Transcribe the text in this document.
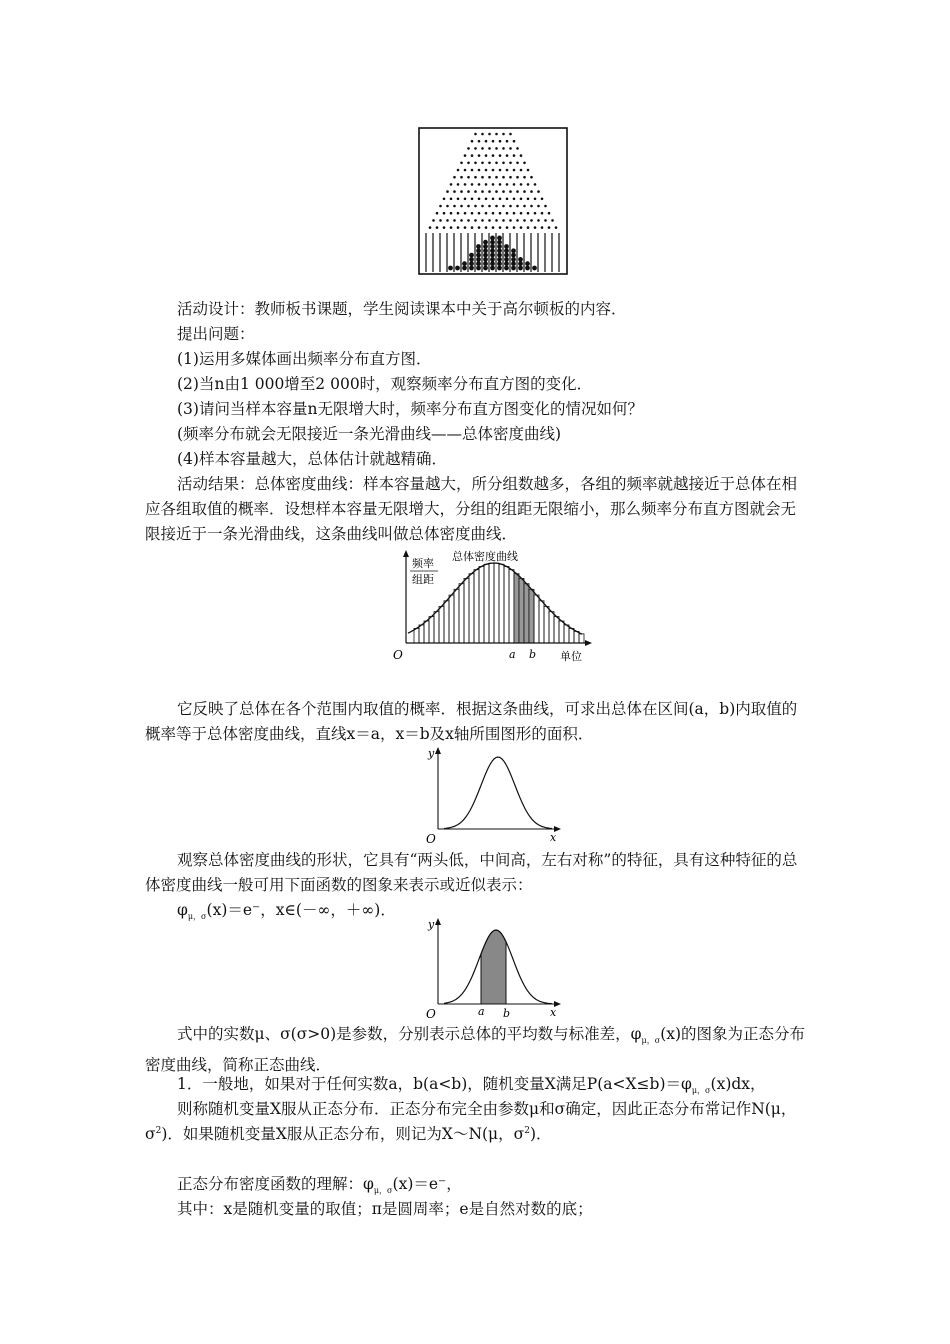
活动设计：教师板书课题，学生阅读课本中关于高尔顿板的内容．

提出问题：

(1)运用多媒体画出频率分布直方图．

(2)当n由1 000增至2 000时，观察频率分布直方图的变化．

(3)请问当样本容量n无限增大时，频率分布直方图变化的情况如何？

(频率分布就会无限接近一条光滑曲线——总体密度曲线)

(4)样本容量越大，总体估计就越精确．

活动结果：总体密度曲线：样本容量越大，所分组数越多，各组的频率就越接近于总体在相应各组取值的概率．设想样本容量无限增大，分组的组距无限缩小，那么频率分布直方图就会无限接近于一条光滑曲线，这条曲线叫做总体密度曲线．

总体密度曲线
频率
组距
O	a b 单位

它反映了总体在各个范围内取值的概率．根据这条曲线，可求出总体在区间(a，b)内取值的概率等于总体密度曲线，直线x＝a，x＝b及x轴所围图形的面积．

y
O	x

观察总体密度曲线的形状，它具有“两头低，中间高，左右对称”的特征，具有这种特征的总体密度曲线一般可用下面函数的图象来表示或近似表示：

$\varphi_{\mu,\sigma}(x)=e^-$，x∈(－∞，＋∞)．

y
O	a b	x

式中的实数μ、σ(σ>0)是参数，分别表示总体的平均数与标准差，$\varphi_{\mu,\sigma}(x)$的图象为正态分布密度曲线，简称正态曲线．

1．一般地，如果对于任何实数a，b(a<b)，随机变量X满足$P(a<X\le b)=\varphi_{\mu,\sigma}(x)dx$，

则称随机变量X服从正态分布．正态分布完全由参数μ和σ确定，因此正态分布常记作N(μ，$\sigma^2$)．如果随机变量X服从正态分布，则记为X～N(μ，$\sigma^2$)．

正态分布密度函数的理解：$\varphi_{\mu,\sigma}(x)=e^-$，

其中：x是随机变量的取值；π是圆周率；e是自然对数的底；
